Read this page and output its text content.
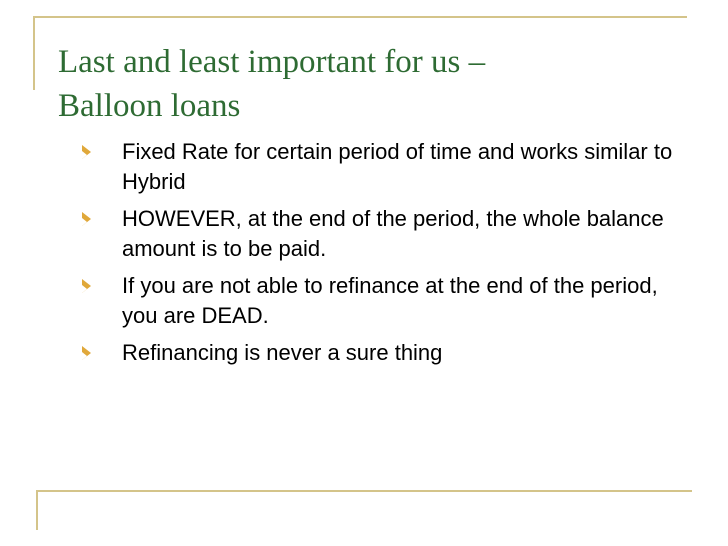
Last and least important for us –
Balloon loans
Fixed Rate for certain period of time and works similar to Hybrid
HOWEVER, at the end of the period, the whole balance amount is to be paid.
If you are not able to refinance at the end of the period, you are DEAD.
Refinancing is never a sure thing
